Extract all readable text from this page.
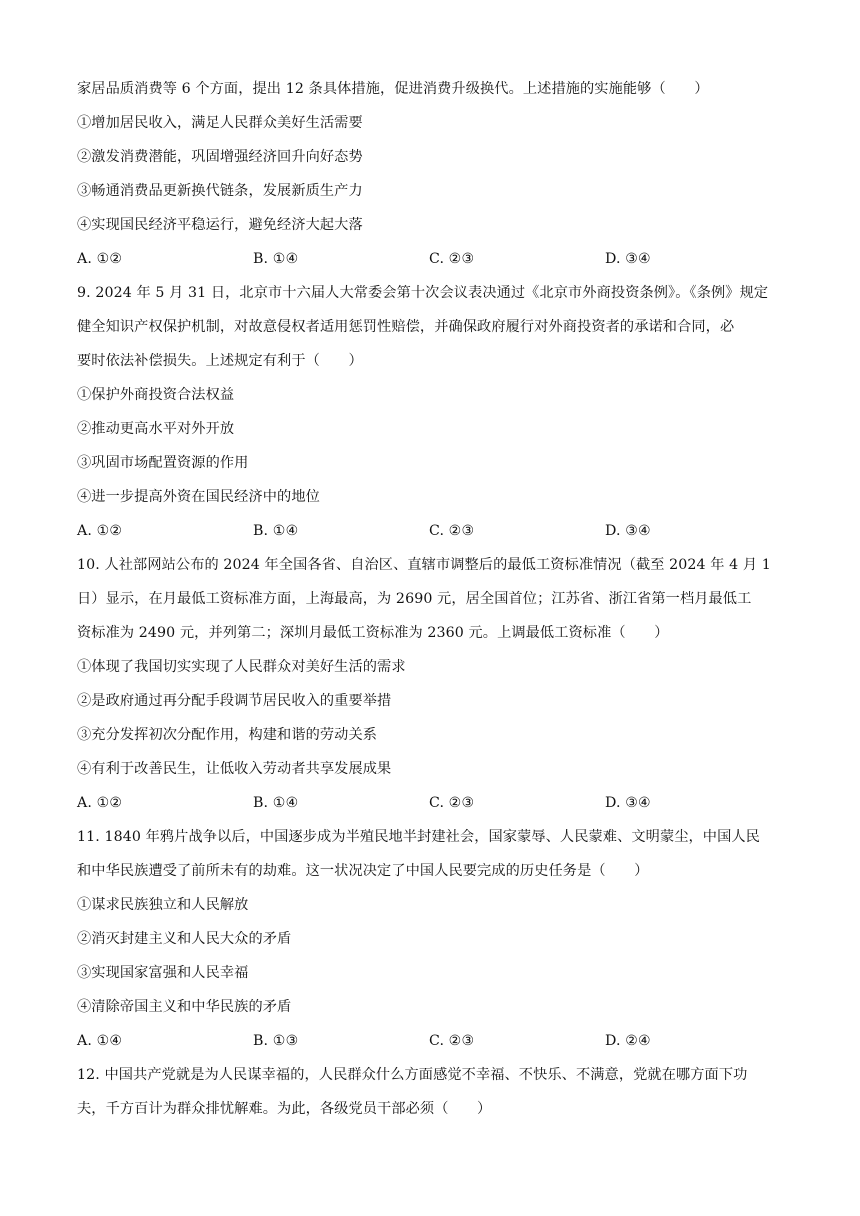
家居品质消费等 6 个方面，提出 12 条具体措施，促进消费升级换代。上述措施的实施能够（　　）
①增加居民收入，满足人民群众美好生活需要
②激发消费潜能，巩固增强经济回升向好态势
③畅通消费品更新换代链条，发展新质生产力
④实现国民经济平稳运行，避免经济大起大落
A. ①②	B. ①④	C. ②③	D. ③④
9. 2024 年 5 月 31 日，北京市十六届人大常委会第十次会议表决通过《北京市外商投资条例》。《条例》规定
健全知识产权保护机制，对故意侵权者适用惩罚性赔偿，并确保政府履行对外商投资者的承诺和合同，必
要时依法补偿损失。上述规定有利于（　　）
①保护外商投资合法权益
②推动更高水平对外开放
③巩固市场配置资源的作用
④进一步提高外资在国民经济中的地位
A. ①②	B. ①④	C. ②③	D. ③④
10. 人社部网站公布的 2024 年全国各省、自治区、直辖市调整后的最低工资标准情况（截至 2024 年 4 月 1
日）显示，在月最低工资标准方面，上海最高，为 2690 元，居全国首位；江苏省、浙江省第一档月最低工
资标准为 2490 元，并列第二；深圳月最低工资标准为 2360 元。上调最低工资标准（　　）
①体现了我国切实实现了人民群众对美好生活的需求
②是政府通过再分配手段调节居民收入的重要举措
③充分发挥初次分配作用，构建和谐的劳动关系
④有利于改善民生，让低收入劳动者共享发展成果
A. ①②	B. ①④	C. ②③	D. ③④
11. 1840 年鸦片战争以后，中国逐步成为半殖民地半封建社会，国家蒙辱、人民蒙难、文明蒙尘，中国人民
和中华民族遭受了前所未有的劫难。这一状况决定了中国人民要完成的历史任务是（　　）
①谋求民族独立和人民解放
②消灭封建主义和人民大众的矛盾
③实现国家富强和人民幸福
④清除帝国主义和中华民族的矛盾
A. ①④	B. ①③	C. ②③	D. ②④
12. 中国共产党就是为人民谋幸福的，人民群众什么方面感觉不幸福、不快乐、不满意，党就在哪方面下功
夫，千方百计为群众排忧解难。为此，各级党员干部必须（　　）
